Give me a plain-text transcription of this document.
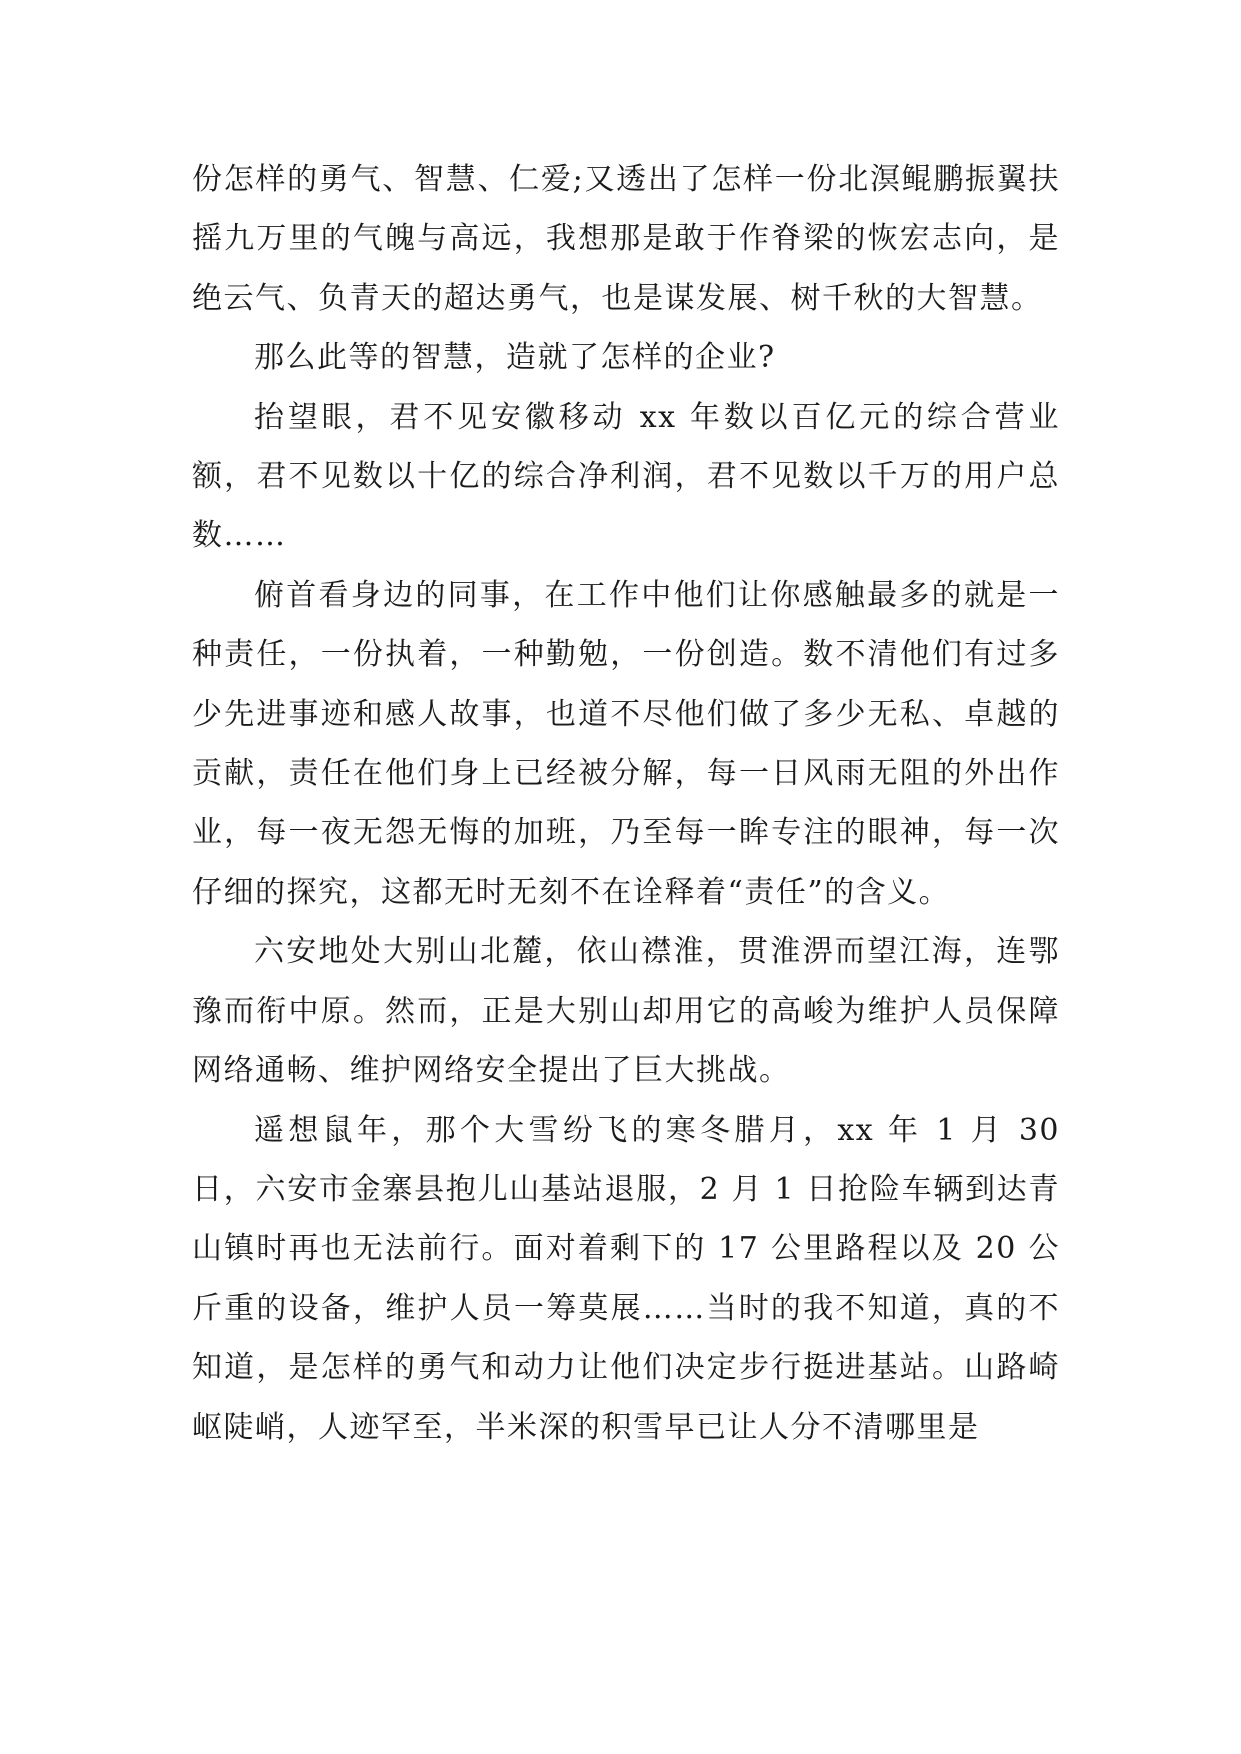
份怎样的勇气、智慧、仁爱;又透出了怎样一份北溟鲲鹏振翼扶摇九万里的气魄与高远，我想那是敢于作脊梁的恢宏志向，是绝云气、负青天的超达勇气，也是谋发展、树千秋的大智慧。

那么此等的智慧，造就了怎样的企业?

抬望眼，君不见安徽移动 xx 年数以百亿元的综合营业额，君不见数以十亿的综合净利润，君不见数以千万的用户总数……

俯首看身边的同事，在工作中他们让你感触最多的就是一种责任，一份执着，一种勤勉，一份创造。数不清他们有过多少先进事迹和感人故事，也道不尽他们做了多少无私、卓越的贡献，责任在他们身上已经被分解，每一日风雨无阻的外出作业，每一夜无怨无悔的加班，乃至每一眸专注的眼神，每一次仔细的探究，这都无时无刻不在诠释着“责任”的含义。

六安地处大别山北麓，依山襟淮，贯淮淠而望江海，连鄂豫而衔中原。然而，正是大别山却用它的高峻为维护人员保障网络通畅、维护网络安全提出了巨大挑战。

遥想鼠年，那个大雪纷飞的寒冬腊月，xx 年 1 月 30 日，六安市金寨县抱儿山基站退服，2 月 1 日抢险车辆到达青山镇时再也无法前行。面对着剩下的 17 公里路程以及 20 公斤重的设备，维护人员一筹莫展……当时的我不知道，真的不知道，是怎样的勇气和动力让他们决定步行挺进基站。山路崎岖陡峭，人迹罕至，半米深的积雪早已让人分不清哪里是
